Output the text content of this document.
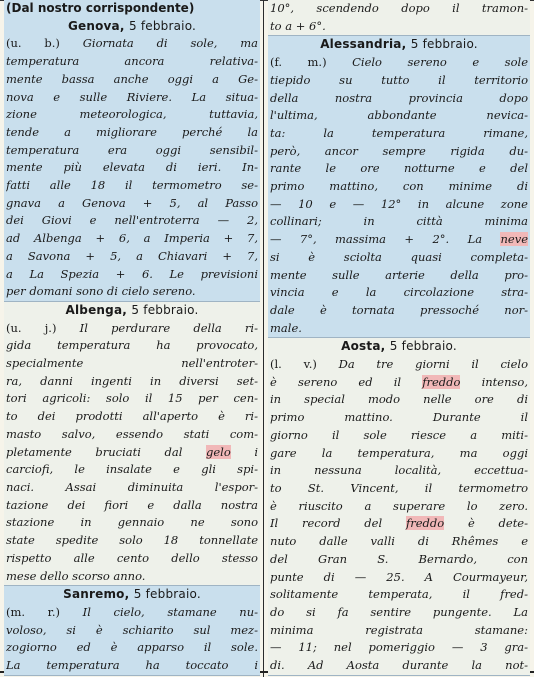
(Dal nostro corrispondente)
Genova, 5 febbraio.
(u. b.) Giornata di sole, ma
temperatura ancora relativa-
mente bassa anche oggi a Ge-
nova e sulle Riviere. La situa-
zione meteorologica, tuttavia,
tende a migliorare perché la
temperatura era oggi sensibil-
mente più elevata di ieri. In-
fatti alle 18 il termometro se-
gnava a Genova + 5, al Passo
dei Giovi e nell'entroterra — 2,
ad Albenga + 6, a Imperia + 7,
a Savona + 5, a Chiavari + 7,
a La Spezia + 6. Le previsioni
per domani sono di cielo sereno.
Albenga, 5 febbraio.
(u. j.) Il perdurare della ri-
gida temperatura ha provocato,
specialmente nell'entroter-
ra, danni ingenti in diversi set-
tori agricoli: solo il 15 per cen-
to dei prodotti all'aperto è ri-
masto salvo, essendo stati com-
pletamente bruciati dal gelo i
carciofi, le insalate e gli spi-
naci. Assai diminuita l'espor-
tazione dei fiori e dalla nostra
stazione in gennaio ne sono
state spedite solo 18 tonnellate
rispetto alle cento dello stesso
mese dello scorso anno.
Sanremo, 5 febbraio.
(m. r.) Il cielo, stamane nu-
voloso, si è schiarito sul mez-
zogiorno ed è apparso il sole.
La temperatura ha toccato i
10°, scendendo dopo il tramon-
to a + 6°.
Alessandria, 5 febbraio.
(f. m.) Cielo sereno e sole
tiepido su tutto il territorio
della nostra provincia dopo
l'ultima, abbondante nevica-
ta: la temperatura rimane,
però, ancor sempre rigida du-
rante le ore notturne e del
primo mattino, con minime di
— 10 e — 12° in alcune zone
collinari; in città minima
— 7°, massima + 2°. La neve
si è sciolta quasi completa-
mente sulle arterie della pro-
vincia e la circolazione stra-
dale è tornata pressoché nor-
male.
Aosta, 5 febbraio.
(l. v.) Da tre giorni il cielo
è sereno ed il freddo intenso,
in special modo nelle ore di
primo mattino. Durante il
giorno il sole riesce a miti-
gare la temperatura, ma oggi
in nessuna località, eccettua-
to St. Vincent, il termometro
è riuscito a superare lo zero.
Il record del freddo è dete-
nuto dalle valli di Rhêmes e
del Gran S. Bernardo, con
punte di — 25. A Courmayeur,
solitamente temperata, il fred-
do si fa sentire pungente. La
minima registrata stamane:
— 11; nel pomeriggio — 3 gra-
di. Ad Aosta durante la not-
